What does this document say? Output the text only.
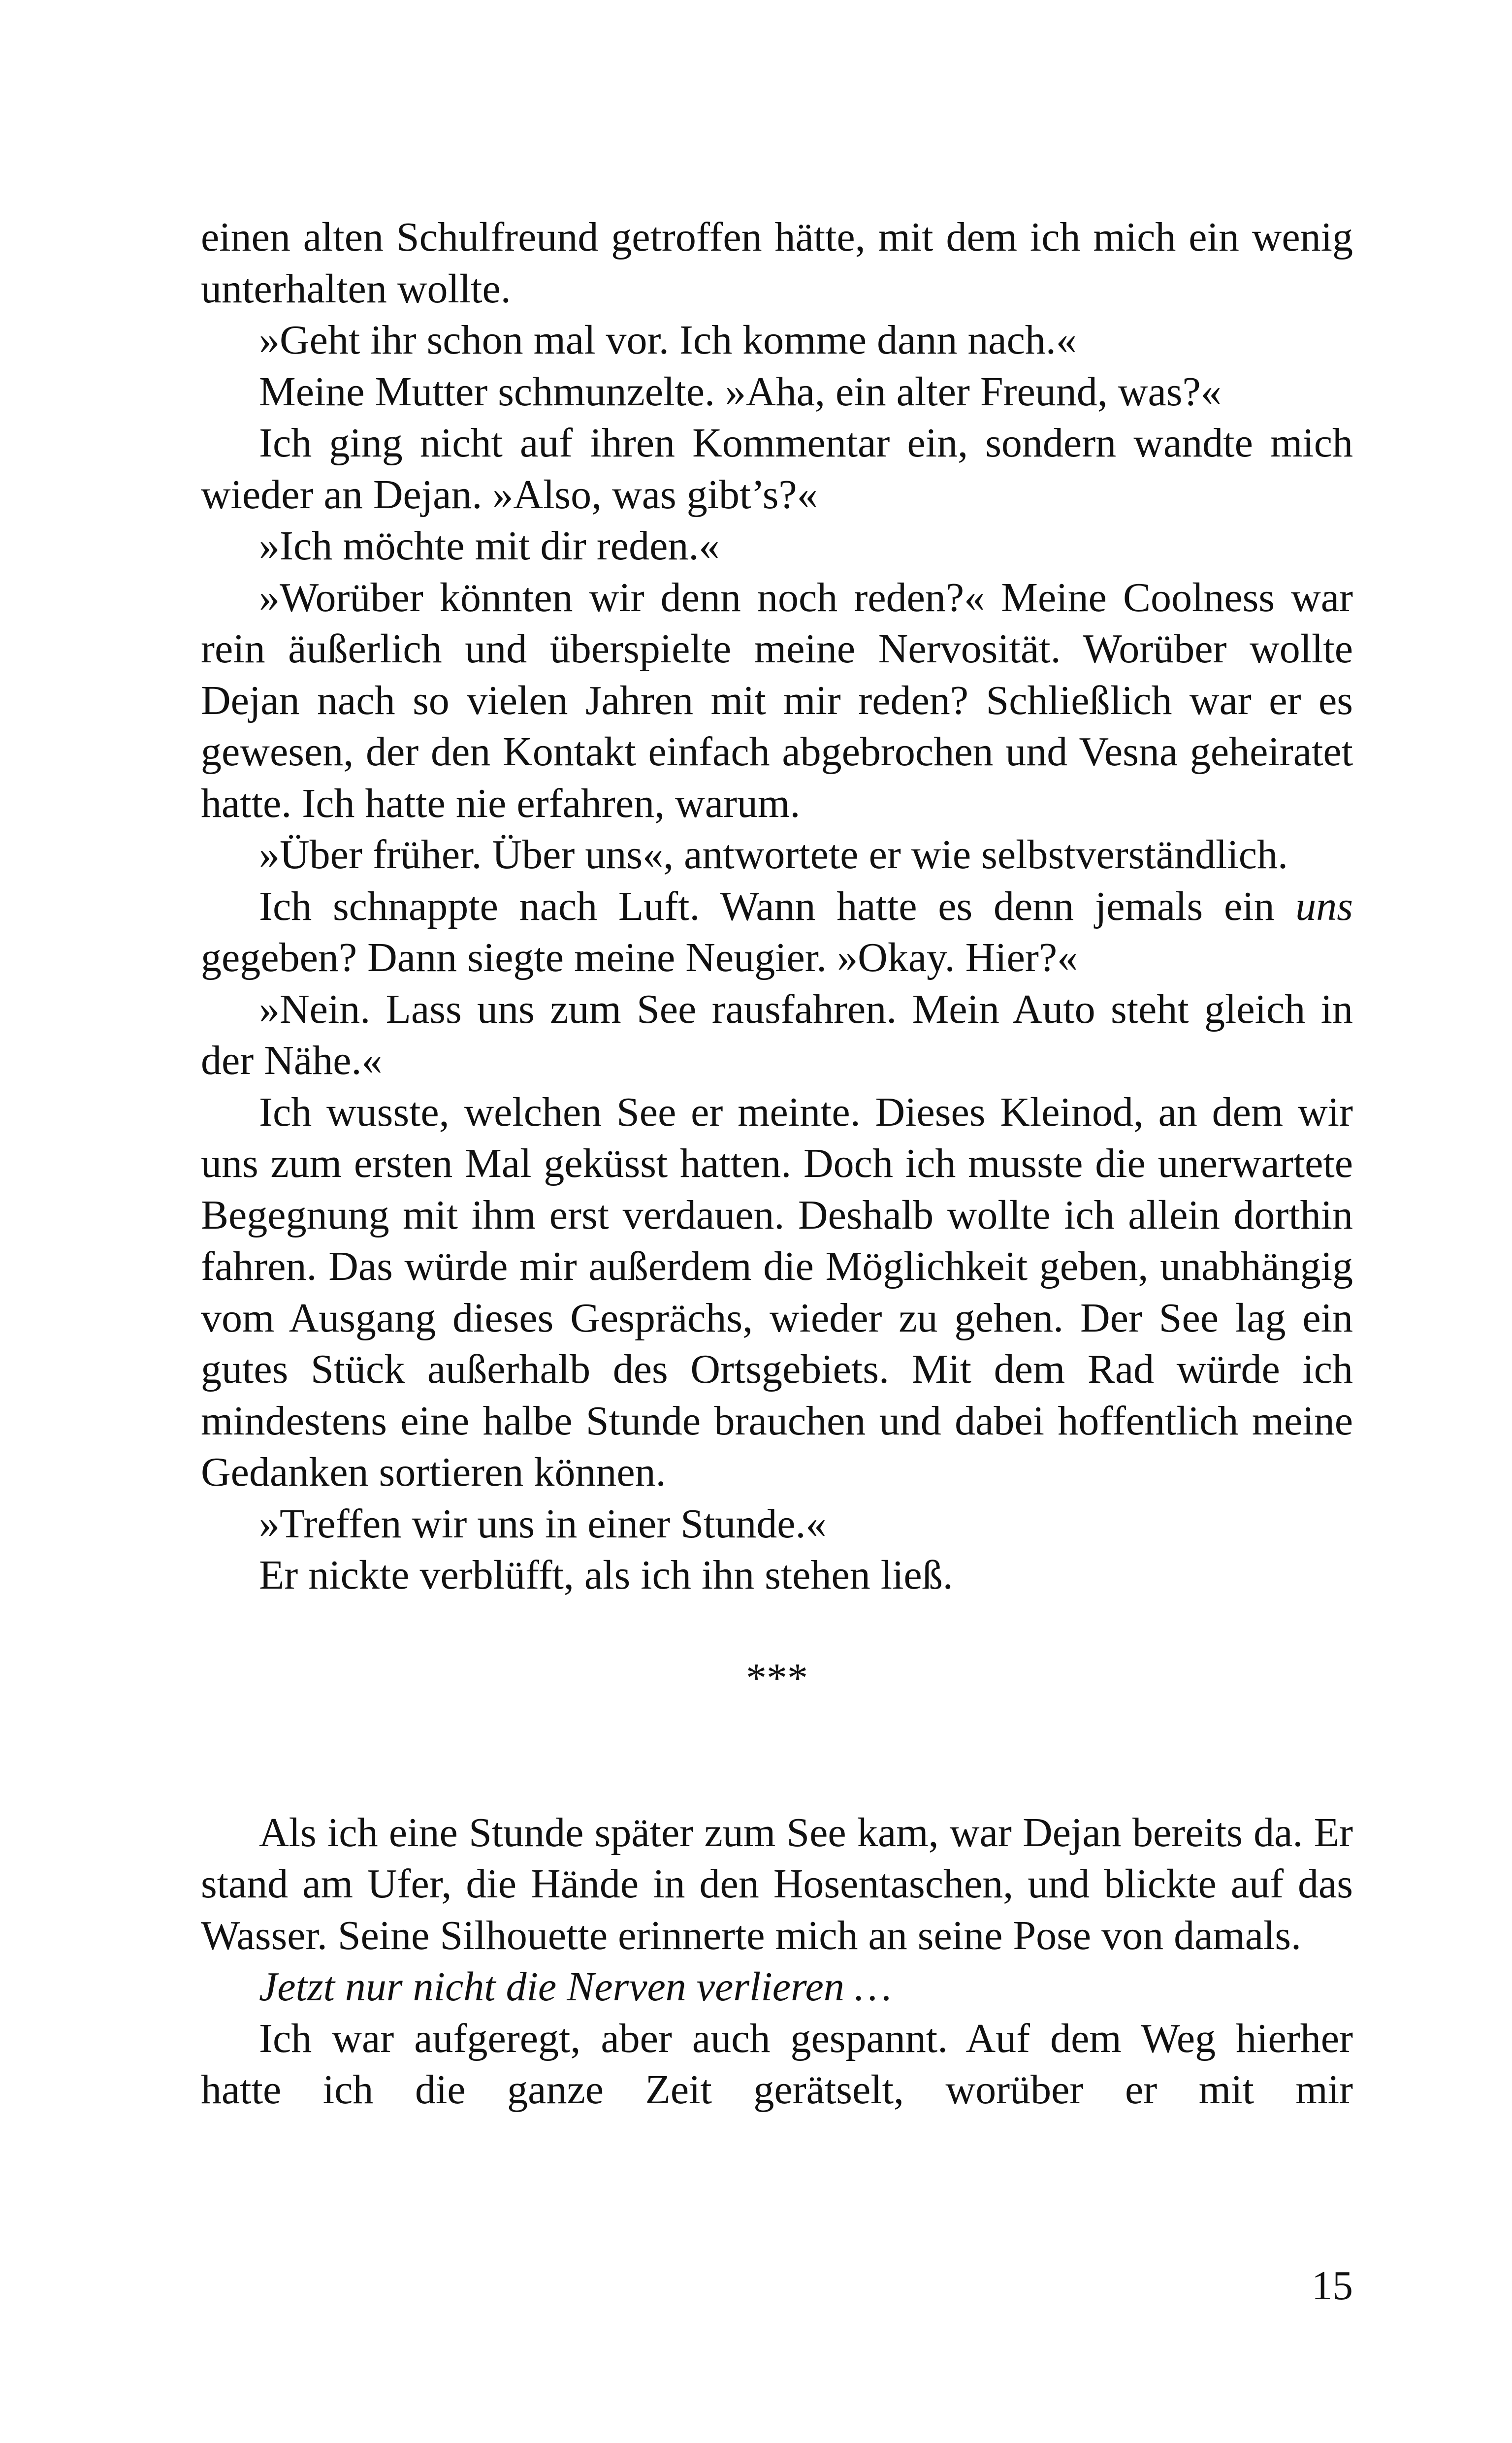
einen alten Schulfreund getroffen hätte, mit dem ich mich ein wenig unterhalten wollte.

»Geht ihr schon mal vor. Ich komme dann nach.«

Meine Mutter schmunzelte. »Aha, ein alter Freund, was?«

Ich ging nicht auf ihren Kommentar ein, sondern wandte mich wieder an Dejan. »Also, was gibt’s?«

»Ich möchte mit dir reden.«

»Worüber könnten wir denn noch reden?« Meine Coolness war rein äußerlich und überspielte meine Nervosität. Worüber wollte Dejan nach so vielen Jahren mit mir reden? Schließlich war er es gewesen, der den Kontakt einfach abgebrochen und Vesna geheiratet hatte. Ich hatte nie erfahren, warum.

»Über früher. Über uns«, antwortete er wie selbstverständlich.

Ich schnappte nach Luft. Wann hatte es denn jemals ein uns gegeben? Dann siegte meine Neugier. »Okay. Hier?«

»Nein. Lass uns zum See rausfahren. Mein Auto steht gleich in der Nähe.«

Ich wusste, welchen See er meinte. Dieses Kleinod, an dem wir uns zum ersten Mal geküsst hatten. Doch ich musste die unerwartete Begegnung mit ihm erst verdauen. Deshalb wollte ich allein dorthin fahren. Das würde mir außerdem die Möglichkeit geben, unabhängig vom Ausgang dieses Gesprächs, wieder zu gehen. Der See lag ein gutes Stück außerhalb des Ortsgebiets. Mit dem Rad würde ich mindestens eine halbe Stunde brauchen und dabei hoffentlich meine Gedanken sortieren können.

»Treffen wir uns in einer Stunde.«

Er nickte verblüfft, als ich ihn stehen ließ.

***

Als ich eine Stunde später zum See kam, war Dejan bereits da. Er stand am Ufer, die Hände in den Hosentaschen, und blickte auf das Wasser. Seine Silhouette erinnerte mich an seine Pose von damals.

Jetzt nur nicht die Nerven verlieren …

Ich war aufgeregt, aber auch gespannt. Auf dem Weg hierher hatte ich die ganze Zeit gerätselt, worüber er mit mir

15
